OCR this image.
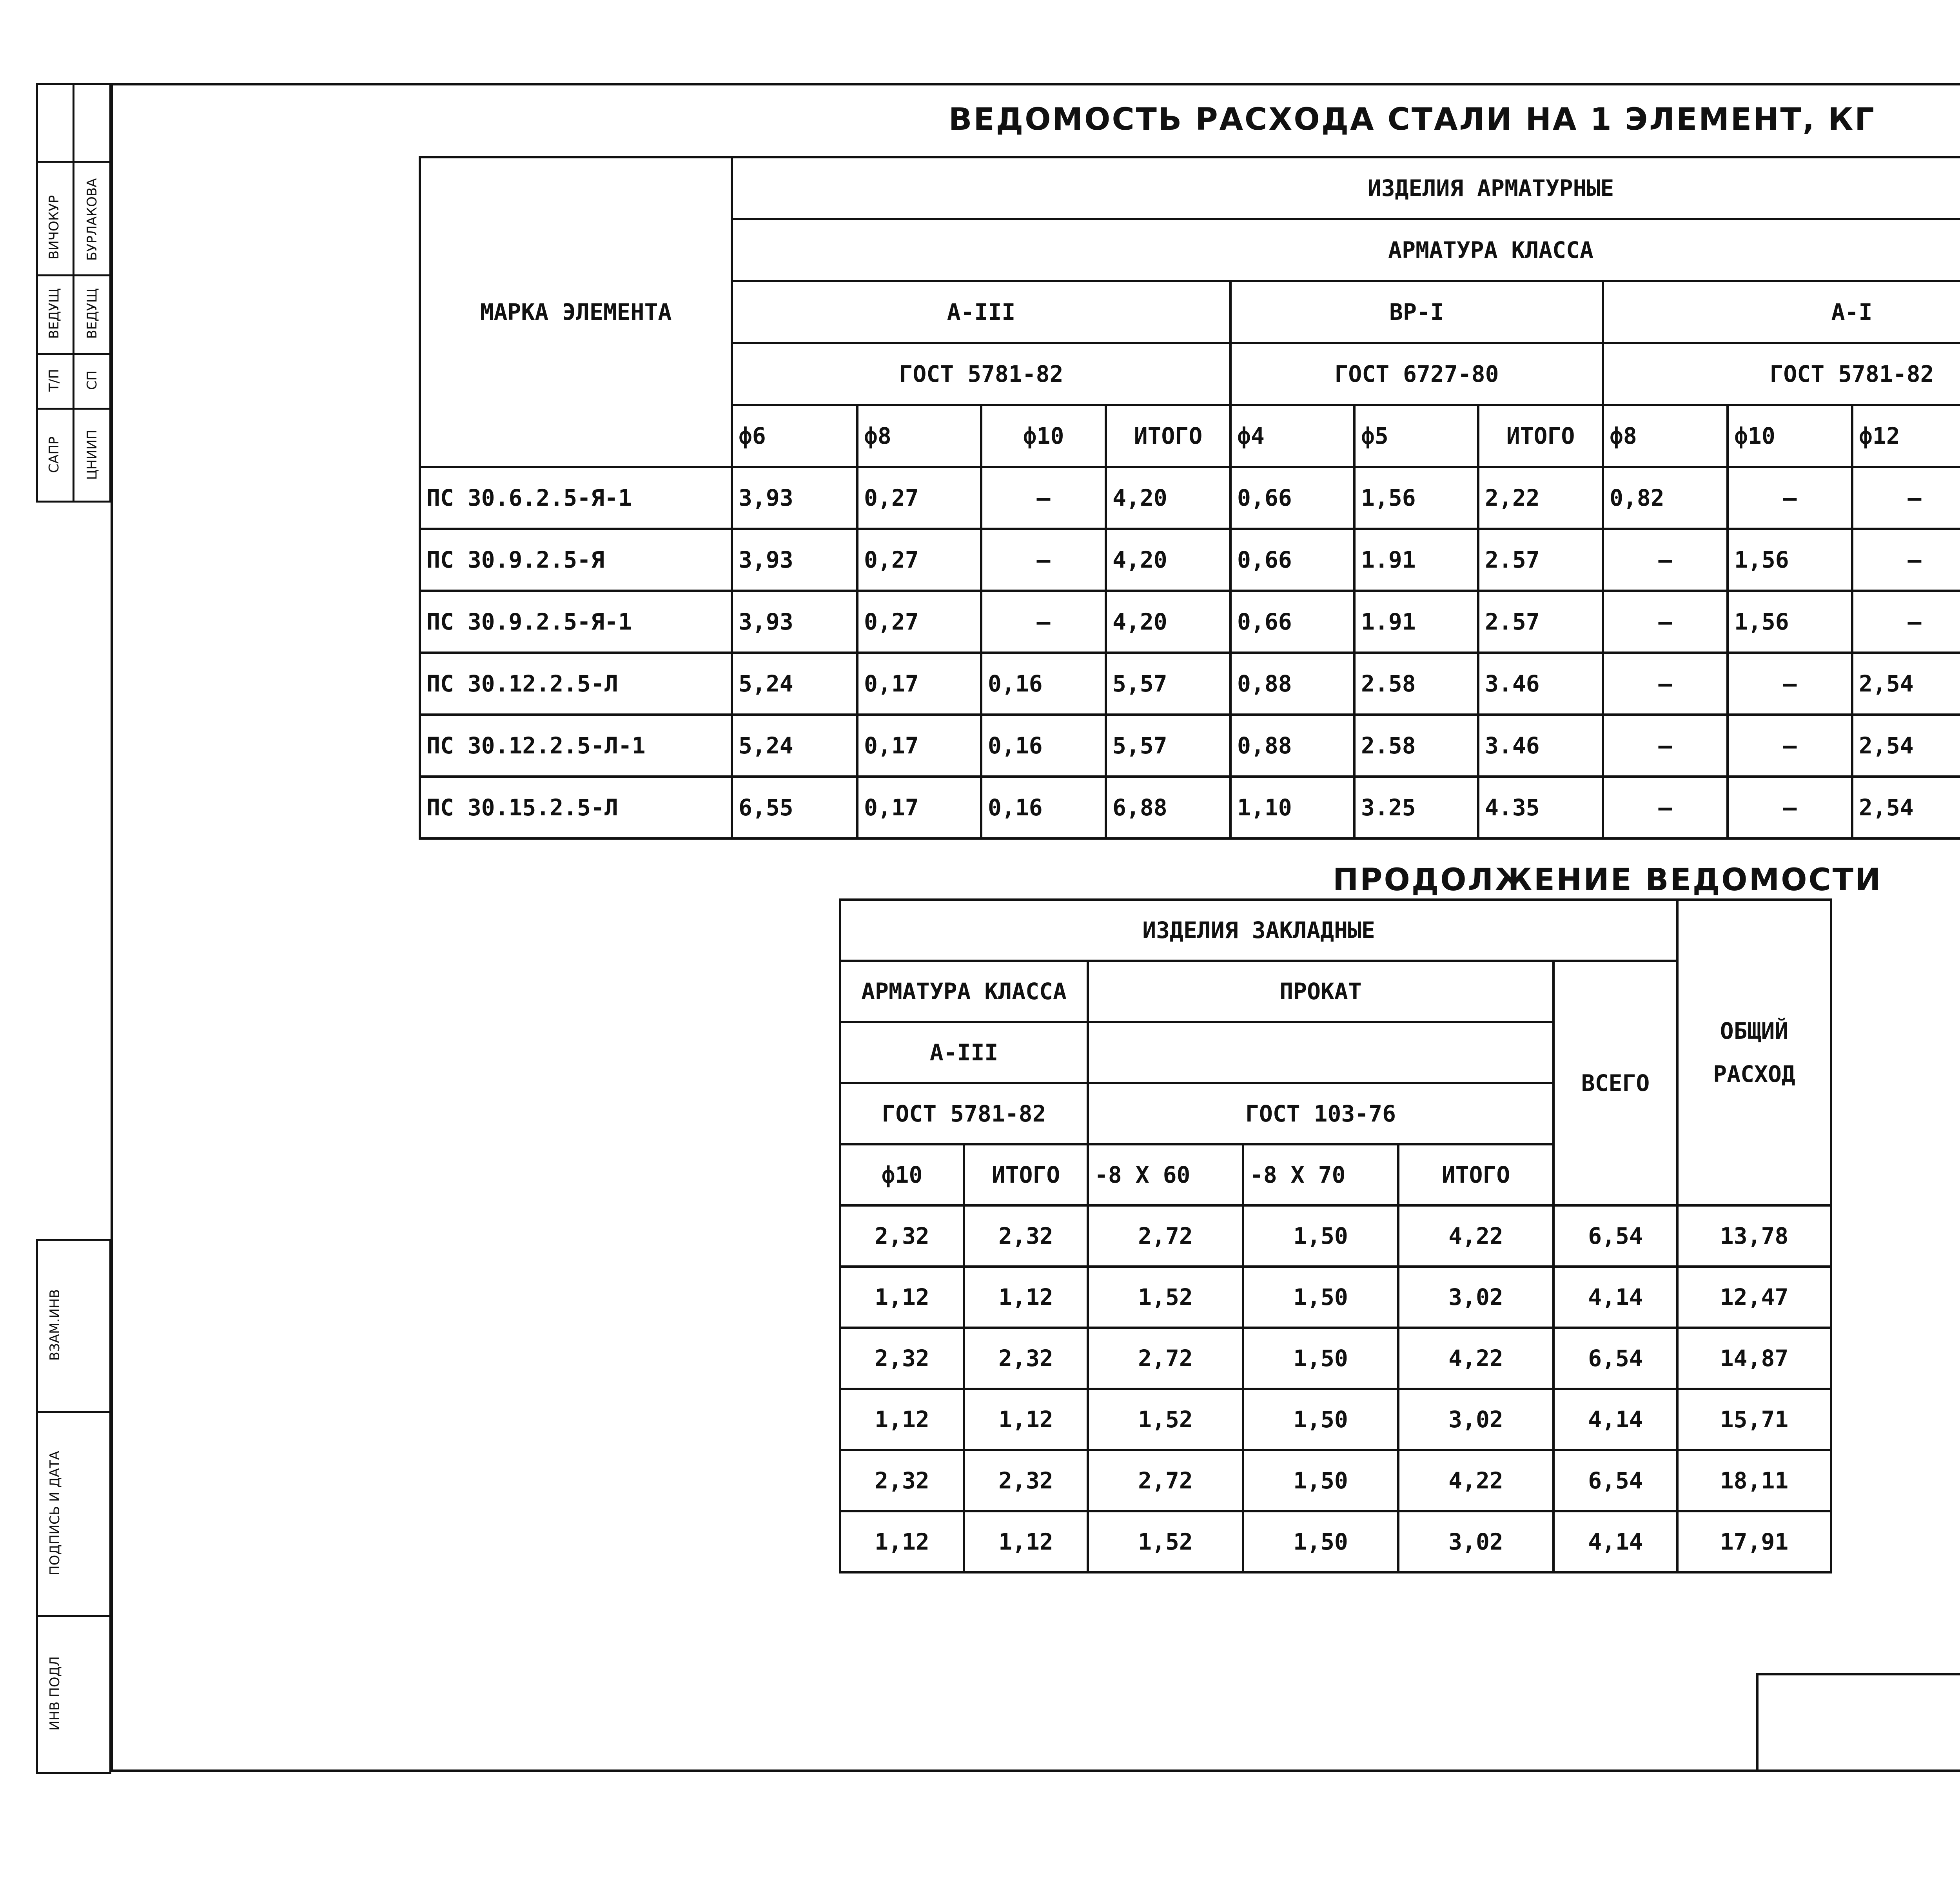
САПР
Т/П
ВЕДУЩ
ВИЧОКУР
ЦНИИП
СП
ВЕДУЩ
БУРЛАКОВА
ВЗАМ.ИНВ
ПОДПИСЬ И ДАТА
ИНВ ПОДЛ
ВЕДОМОСТЬ РАСХОДА СТАЛИ НА 1 ЭЛЕМЕНТ, КГ
МАРКА ЭЛЕМЕНТА	ИЗДЕЛИЯ АРМАТУРНЫЕ											
	АРМАТУРА КЛАССА											
	А-III				ВР-I			А-I	
	ГОСТ 5781-82				ГОСТ 6727-80			ГОСТ 5781-82				
	ф6	ф8	ф10	ИТОГО	ф4	ф5	ИТОГО	ф8	ф10	ф12	
ПС 30.6.2.5-Я-1	3,93	0,27	–	4,20	0,66	1,56	2,22	0,82	–	–		
ПС 30.9.2.5-Я	3,93	0,27	–	4,20	0,66	1.91	2.57	–	1,56	–		
ПС 30.9.2.5-Я-1	3,93	0,27	–	4,20	0,66	1.91	2.57	–	1,56	–		
ПС 30.12.2.5-Л	5,24	0,17	0,16	5,57	0,88	2.58	3.46	–	–	2,54		
ПС 30.12.2.5-Л-1	5,24	0,17	0,16	5,57	0,88	2.58	3.46	–	–	2,54		
ПС 30.15.2.5-Л	6,55	0,17	0,16	6,88	1,10	3.25	4.35	–	–	2,54		
ПРОДОЛЖЕНИЕ ВЕДОМОСТИ
ИЗДЕЛИЯ ЗАКЛАДНЫЕ						ОБЩИЙ РАСХОД
АРМАТУРА КЛАССА		ПРОКАТ			ВСЕГО	
А-III						
ГОСТ 5781-82		ГОСТ 103-76				
ф10	ИТОГО	-8 X 60	-8 X 70	ИТОГО		
2,32	2,32	2,72	1,50	4,22	6,54	13,78
1,12	1,12	1,52	1,50	3,02	4,14	12,47
2,32	2,32	2,72	1,50	4,22	6,54	14,87
1,12	1,12	1,52	1,50	3,02	4,14	15,71
2,32	2,32	2,72	1,50	4,22	6,54	18,11
1,12	1,12	1,52	1,50	3,02	4,14	17,91
